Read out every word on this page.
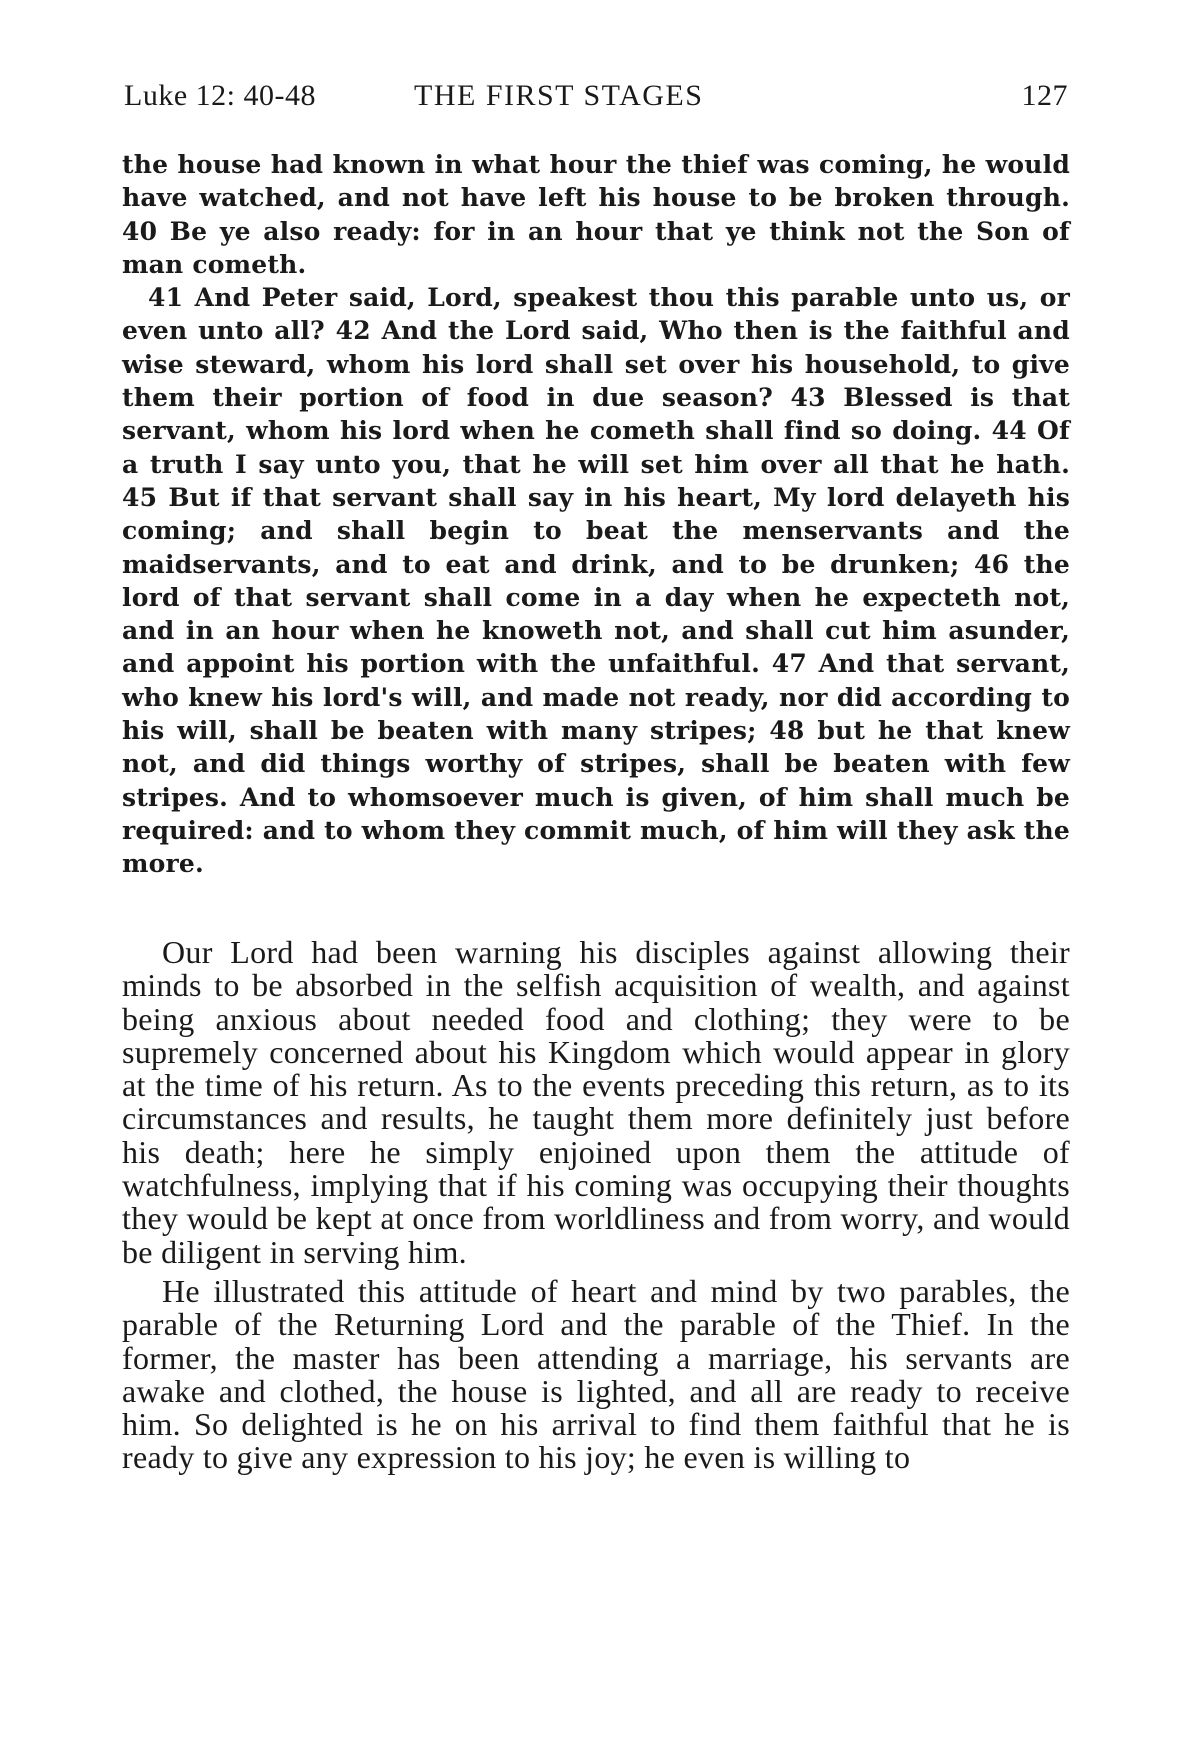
Luke 12: 40-48	THE FIRST STAGES	127

the house had known in what hour the thief was coming, he would have watched, and not have left his house to be broken through. 40 Be ye also ready: for in an hour that ye think not the Son of man cometh.

41 And Peter said, Lord, speakest thou this parable unto us, or even unto all? 42 And the Lord said, Who then is the faithful and wise steward, whom his lord shall set over his household, to give them their portion of food in due season? 43 Blessed is that servant, whom his lord when he cometh shall find so doing. 44 Of a truth I say unto you, that he will set him over all that he hath. 45 But if that servant shall say in his heart, My lord delayeth his coming; and shall begin to beat the menservants and the maidservants, and to eat and drink, and to be drunken; 46 the lord of that servant shall come in a day when he expecteth not, and in an hour when he knoweth not, and shall cut him asunder, and appoint his portion with the unfaithful. 47 And that servant, who knew his lord's will, and made not ready, nor did according to his will, shall be beaten with many stripes; 48 but he that knew not, and did things worthy of stripes, shall be beaten with few stripes. And to whomsoever much is given, of him shall much be required: and to whom they commit much, of him will they ask the more.

Our Lord had been warning his disciples against allowing their minds to be absorbed in the selfish acquisition of wealth, and against being anxious about needed food and clothing; they were to be supremely concerned about his Kingdom which would appear in glory at the time of his return. As to the events preceding this return, as to its circumstances and results, he taught them more definitely just before his death; here he simply enjoined upon them the attitude of watchfulness, implying that if his coming was occupying their thoughts they would be kept at once from worldliness and from worry, and would be diligent in serving him.

He illustrated this attitude of heart and mind by two parables, the parable of the Returning Lord and the parable of the Thief. In the former, the master has been attending a marriage, his servants are awake and clothed, the house is lighted, and all are ready to receive him. So delighted is he on his arrival to find them faithful that he is ready to give any expression to his joy; he even is willing to
